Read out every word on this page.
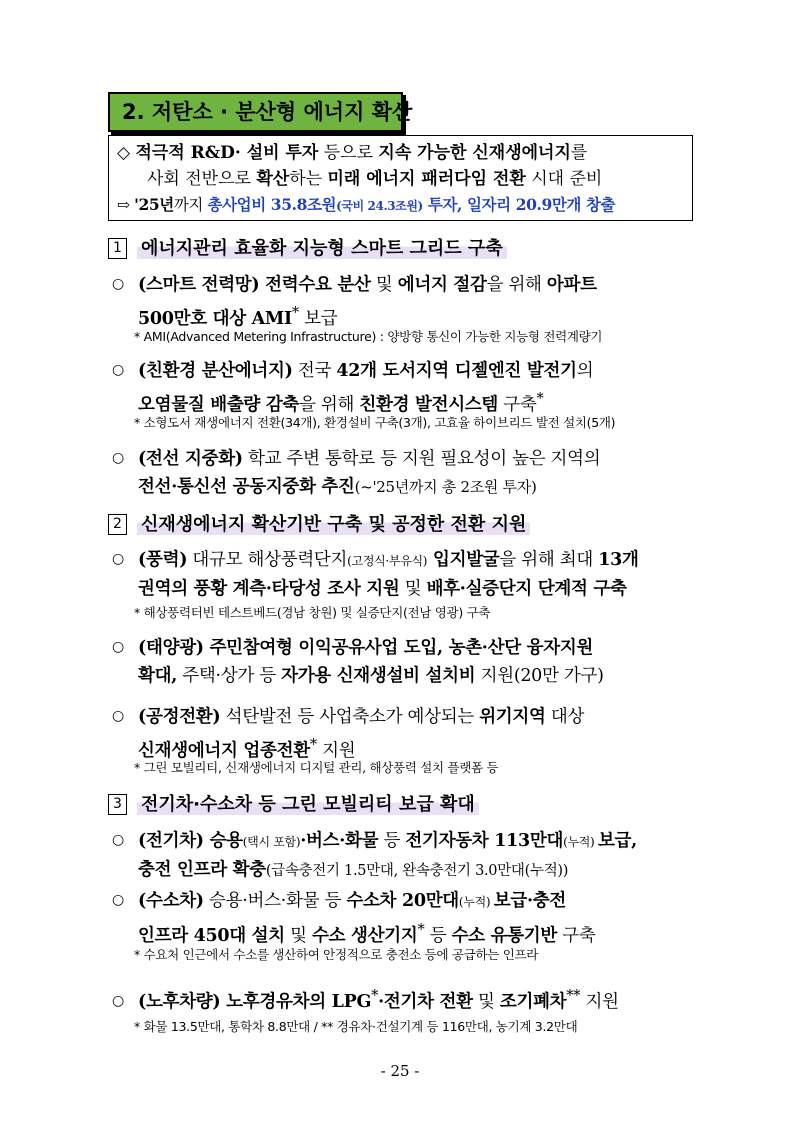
2. 저탄소 · 분산형 에너지 확산
◇ 적극적 R&D· 설비 투자 등으로 지속 가능한 신재생에너지를
사회 전반으로 확산하는 미래 에너지 패러다임 전환 시대 준비
⇨ '25년까지 총사업비 35.8조원(국비 24.3조원) 투자, 일자리 20.9만개 창출
1 에너지관리 효율화 지능형 스마트 그리드 구축
○ (스마트 전력망) 전력수요 분산 및 에너지 절감을 위해 아파트
500만호 대상 AMI* 보급
* AMI(Advanced Metering Infrastructure) : 양방향 통신이 가능한 지능형 전력계량기
○ (친환경 분산에너지) 전국 42개 도서지역 디젤엔진 발전기의
오염물질 배출량 감축을 위해 친환경 발전시스템 구축*
* 소형도서 재생에너지 전환(34개), 환경설비 구축(3개), 고효율 하이브리드 발전 설치(5개)
○ (전선 지중화) 학교 주변 통학로 등 지원 필요성이 높은 지역의
전선·통신선 공동지중화 추진(~'25년까지 총 2조원 투자)
2 신재생에너지 확산기반 구축 및 공정한 전환 지원
○ (풍력) 대규모 해상풍력단지(고정식·부유식) 입지발굴을 위해 최대 13개
권역의 풍황 계측·타당성 조사 지원 및 배후·실증단지 단계적 구축
* 해상풍력터빈 테스트베드(경남 창원) 및 실증단지(전남 영광) 구축
○ (태양광) 주민참여형 이익공유사업 도입, 농촌·산단 융자지원
확대, 주택·상가 등 자가용 신재생설비 설치비 지원(20만 가구)
○ (공정전환) 석탄발전 등 사업축소가 예상되는 위기지역 대상
신재생에너지 업종전환* 지원
* 그린 모빌리티, 신재생에너지 디지털 관리, 해상풍력 설치 플랫폼 등
3 전기차·수소차 등 그린 모빌리티 보급 확대
○ (전기차) 승용(택시 포함)·버스·화물 등 전기자동차 113만대(누적) 보급,
충전 인프라 확충(급속충전기 1.5만대, 완속충전기 3.0만대(누적))
○ (수소차) 승용·버스·화물 등 수소차 20만대(누적) 보급·충전
인프라 450대 설치 및 수소 생산기지* 등 수소 유통기반 구축
* 수요처 인근에서 수소를 생산하여 안정적으로 충전소 등에 공급하는 인프라
○ (노후차량) 노후경유차의 LPG*·전기차 전환 및 조기폐차** 지원
* 화물 13.5만대, 통학차 8.8만대 / ** 경유차·건설기계 등 116만대, 농기계 3.2만대
- 25 -
